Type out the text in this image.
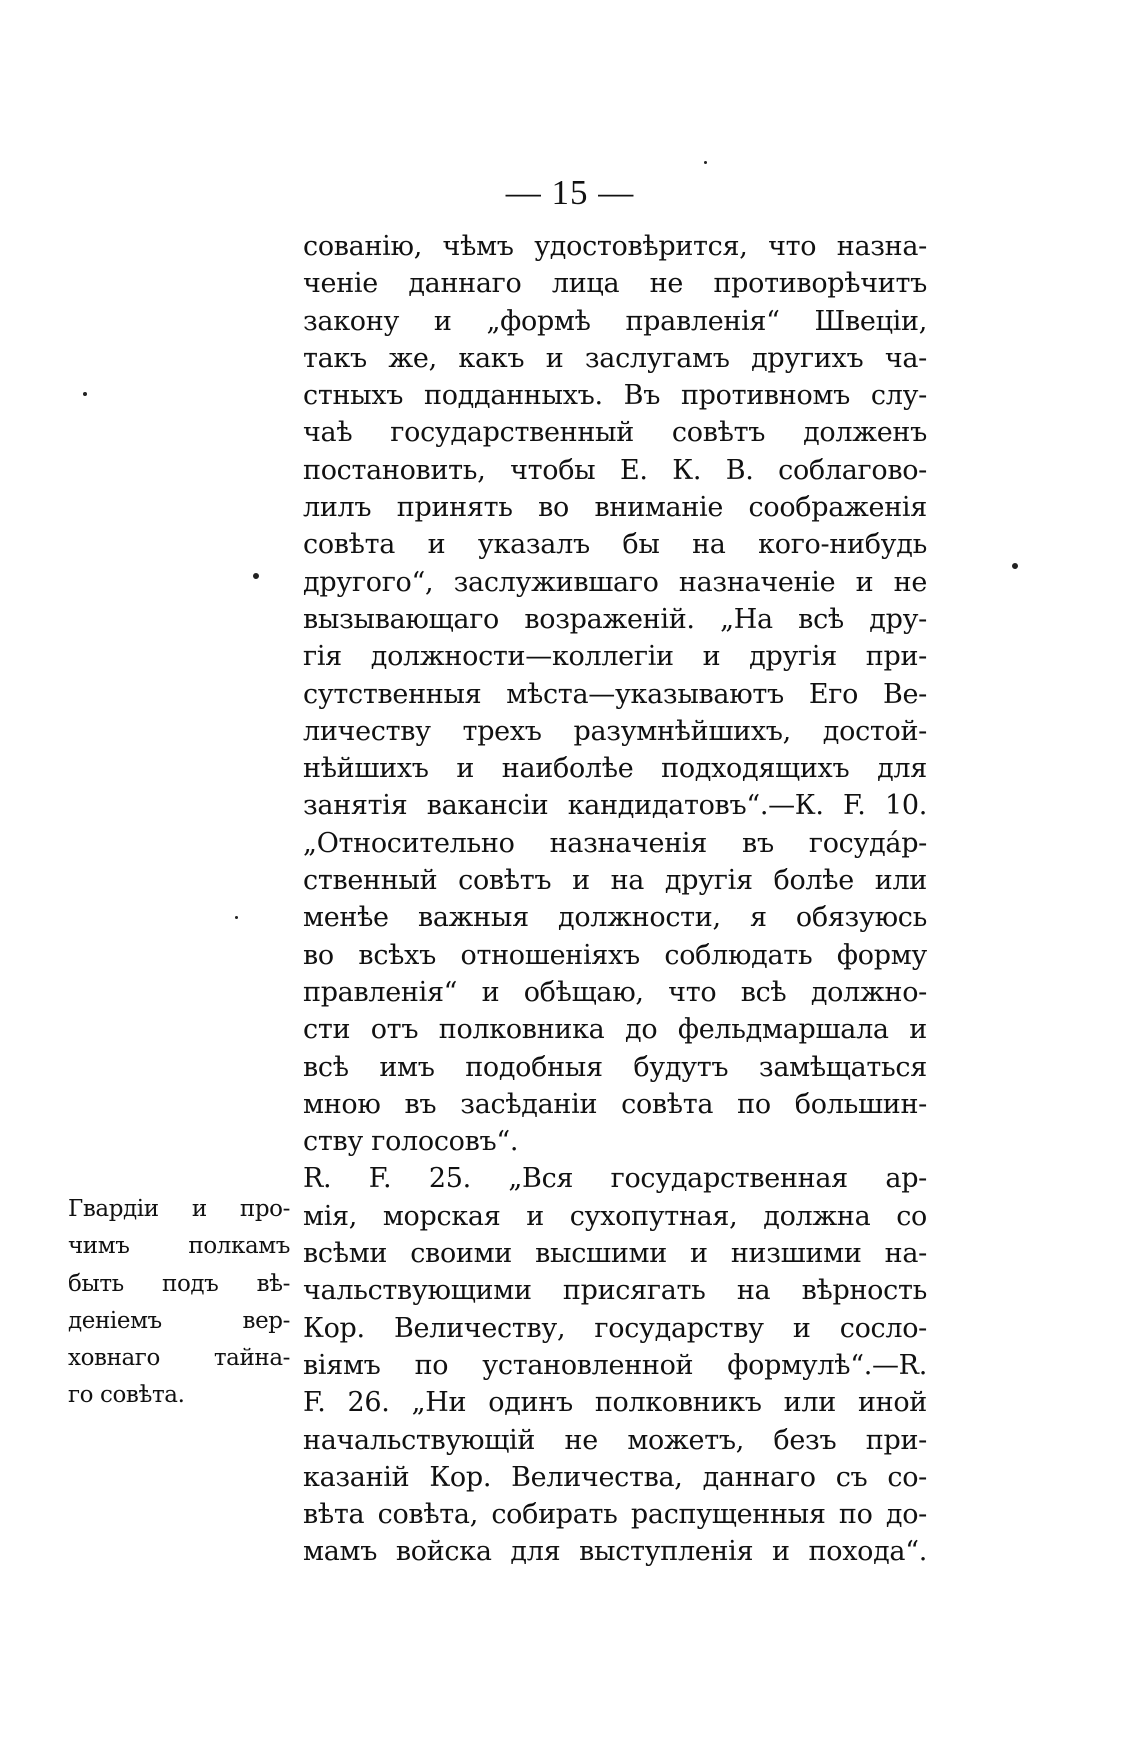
— 15 —
сованію, чѣмъ удостовѣрится, что назна-
ченіе даннаго лица не противорѣчитъ
закону и „формѣ правленія“ Швеціи,
такъ же, какъ и заслугамъ другихъ ча-
стныхъ подданныхъ. Въ противномъ слу-
чаѣ государственный совѣтъ долженъ
постановить, чтобы Е. К. В. соблагово-
лилъ принять во вниманіе соображенія
совѣта и указалъ бы на кого-нибудь
другого“, заслужившаго назначеніе и не
вызывающаго возраженій. „На всѣ дру-
гія должности—коллегіи и другія при-
сутственныя мѣста—указываютъ Его Ве-
личеству трехъ разумнѣйшихъ, достой-
нѣйшихъ и наиболѣе подходящихъ для
занятія вакансіи кандидатовъ“.—К. F. 10.
„Относительно назначенія въ госудáр-
ственный совѣтъ и на другія болѣе или
менѣе важныя должности, я обязуюсь
во всѣхъ отношеніяхъ соблюдать форму
правленія“ и обѣщаю, что всѣ должно-
сти отъ полковника до фельдмаршала и
всѣ имъ подобныя будутъ замѣщаться
мною въ засѣданіи совѣта по большин-
ству голосовъ“.
R. F. 25. „Вся государственная ар-
мія, морская и сухопутная, должна со
всѣми своими высшими и низшими на-
чальствующими присягать на вѣрность
Кор. Величеству, государству и сосло-
віямъ по установленной формулѣ“.—R.
F. 26. „Ни одинъ полковникъ или иной
начальствующій не можетъ, безъ при-
казаній Кор. Величества, даннаго съ со-
вѣта совѣта, собирать распущенныя по до-
мамъ войска для выступленія и похода“.
Гвардіи и про-
чимъ полкамъ
быть подъ вѣ-
деніемъ вер-
ховнаго тайна-
го совѣта.
